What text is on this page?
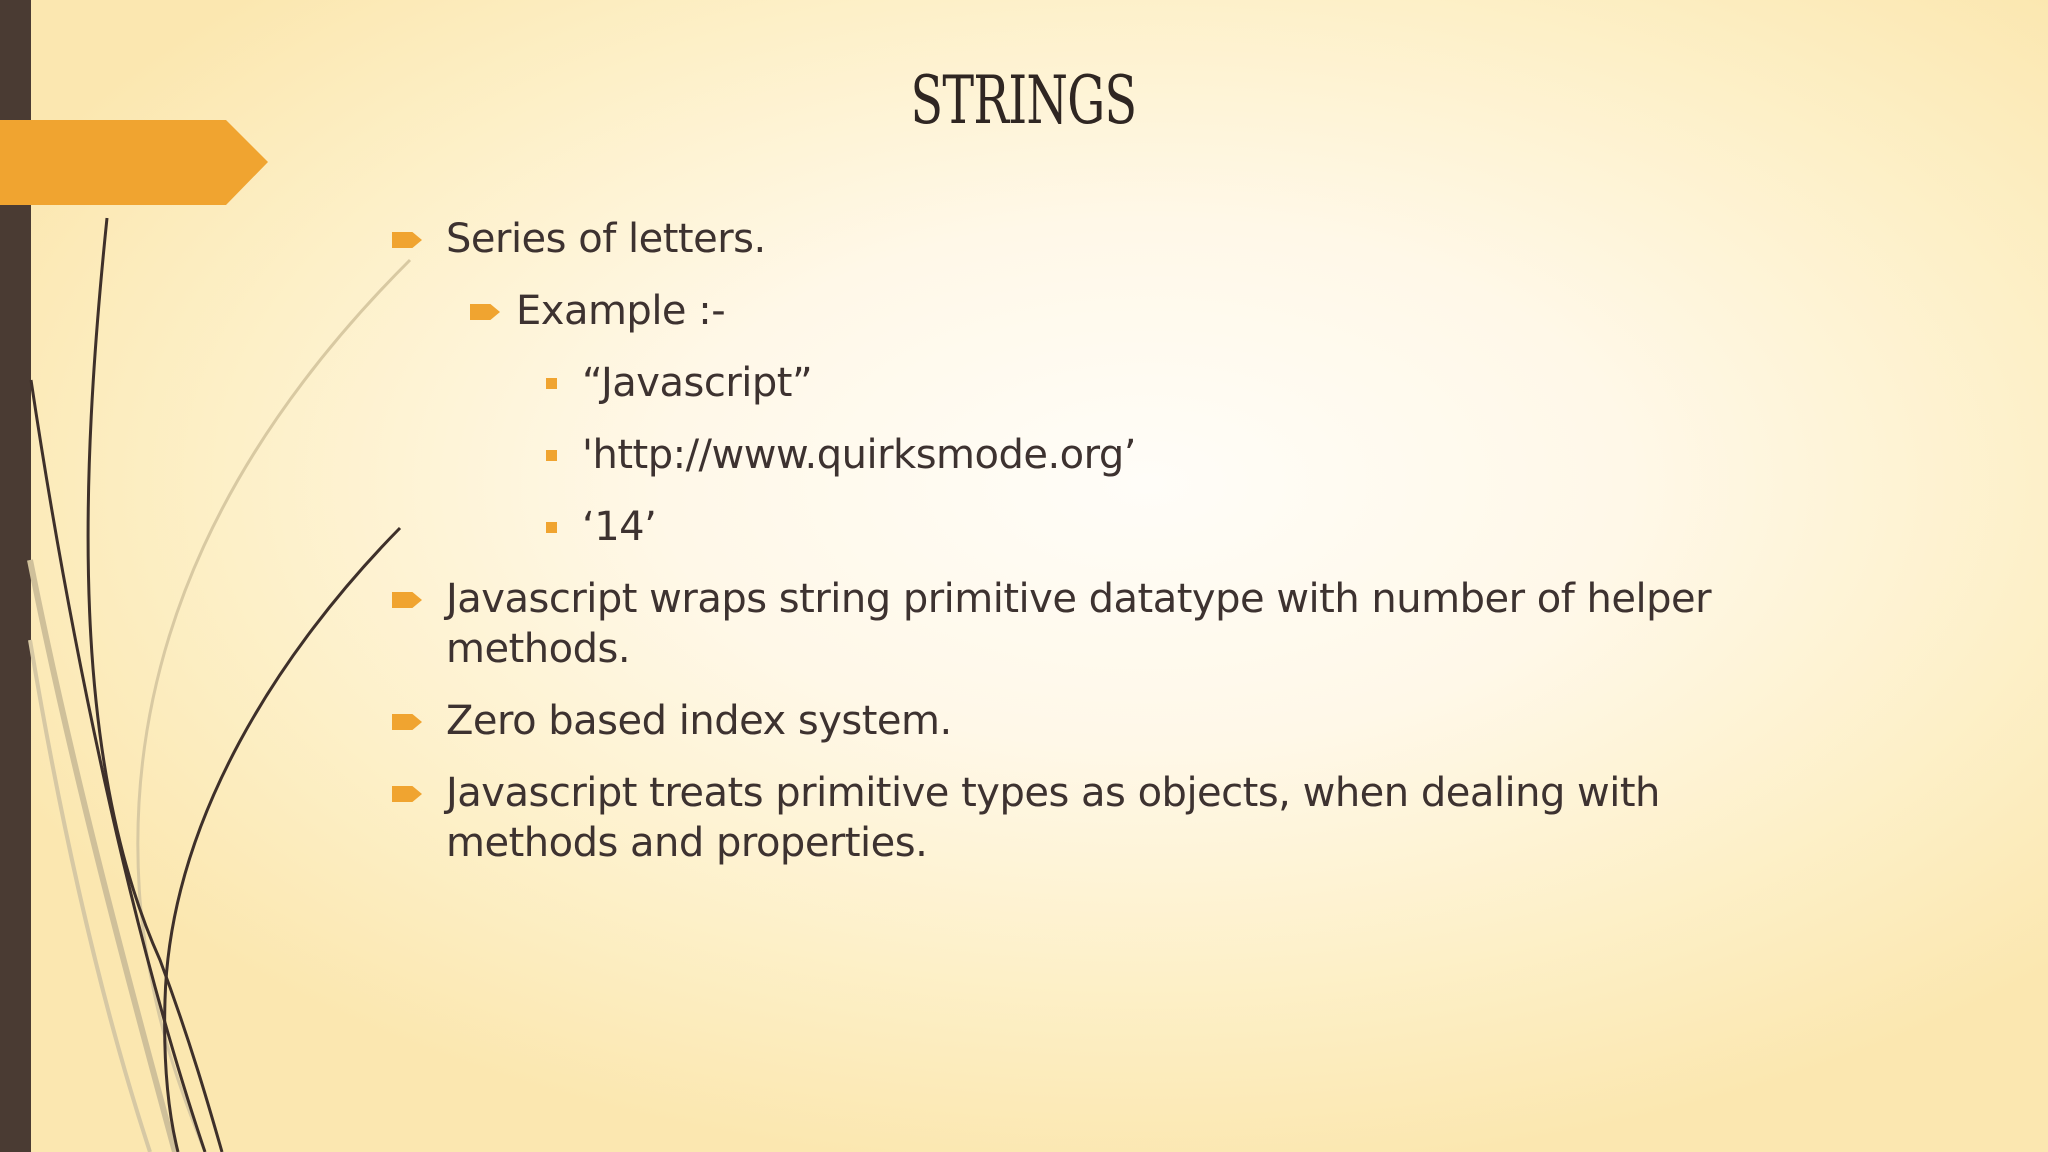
STRINGS
Series of letters.
Example :-
“Javascript”
'http://www.quirksmode.org’
‘14’
Javascript wraps string primitive datatype with number of helper methods.
Zero based index system.
Javascript treats primitive types as objects, when dealing with methods and properties.
